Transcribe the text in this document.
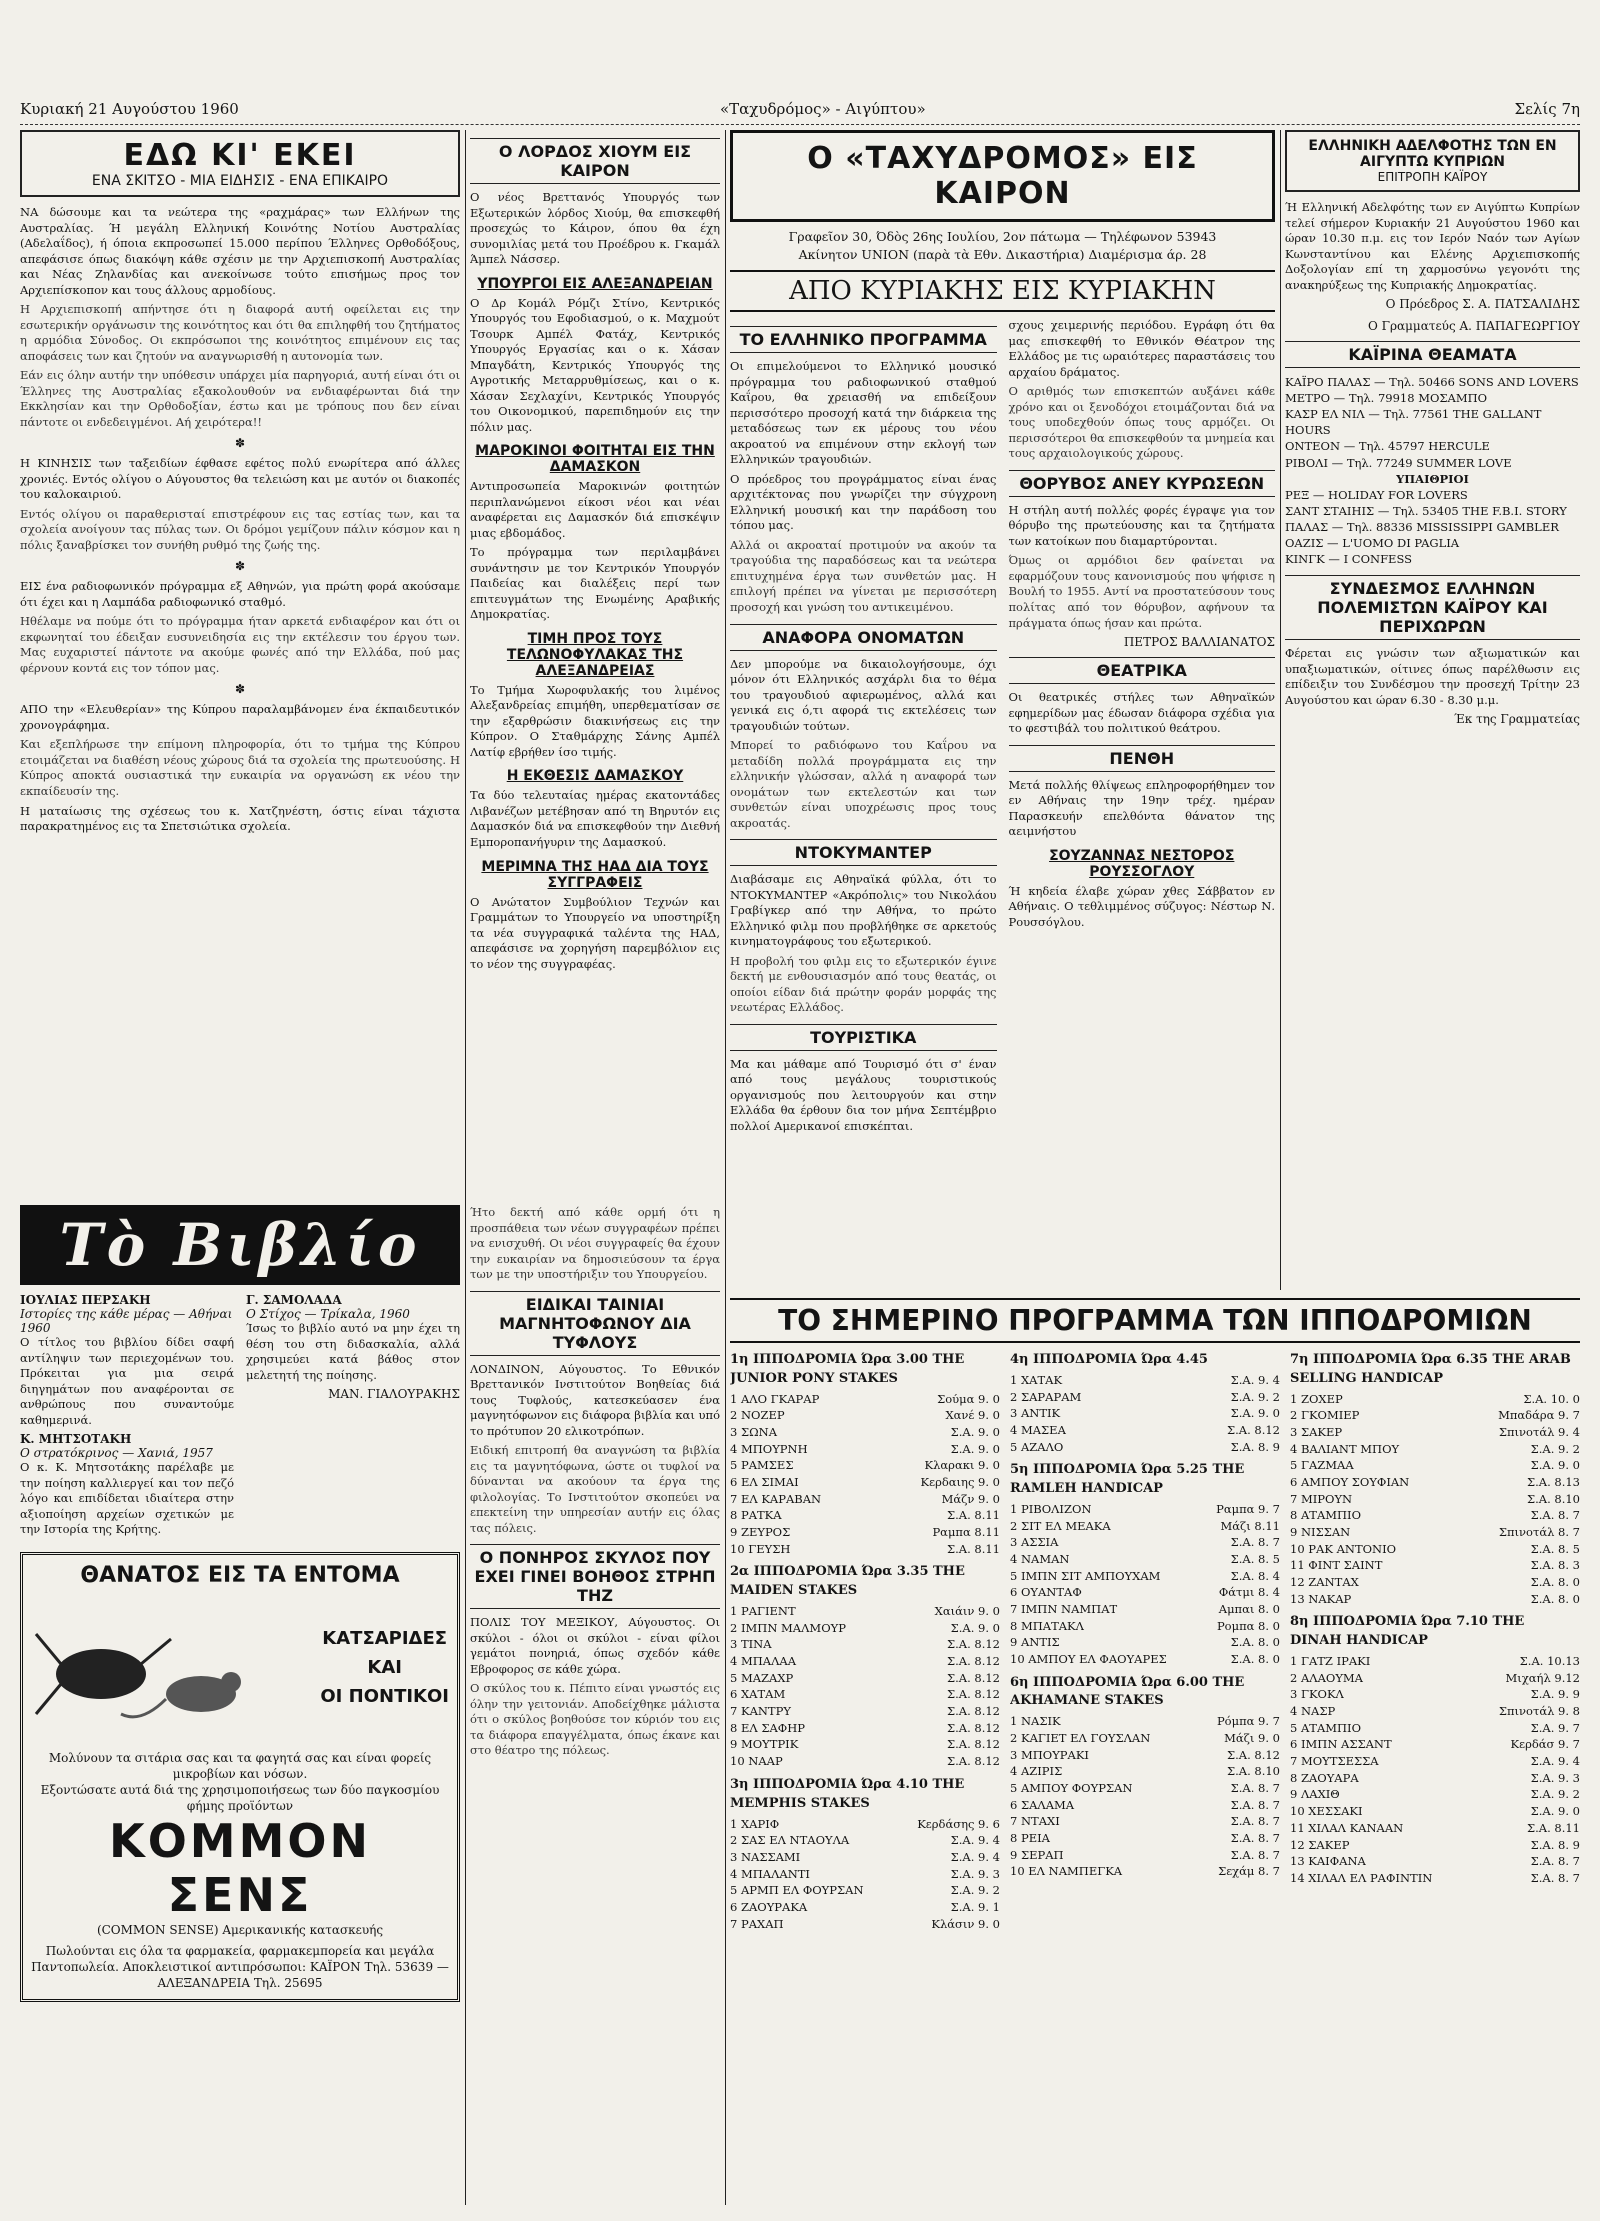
Κυριακή 21 Αυγούστου 1960	«Ταχυδρόμος» - Αιγύπτου»	Σελίς 7η
ΕΔΩ ΚΙ' ΕΚΕΙ
ΕΝΑ ΣΚΙΤΣΟ - ΜΙΑ ΕΙΔΗΣΙΣ - ΕΝΑ ΕΠΙΚΑΙΡΟ

ΝΑ δώσουμε και τα νεώτερα της «ραχμάρας» των Ελλήνων της Αυστραλίας. Ή μεγάλη Ελληνική Κοινότης Νοτίου Αυστραλίας (Αδελαΐδος), ή όποια εκπροσωπεί 15.000 περίπου Έλληνες Ορθοδόξους, απεφάσισε όπως διακόψη κάθε σχέσιν με την Αρχιεπισκοπή Αυστραλίας και Νέας Ζηλανδίας και ανεκοίνωσε τούτο επισήμως προς τον Αρχιεπίσκοπον και τους άλλους αρμοδίους.

Η Αρχιεπισκοπή απήντησε ότι η διαφορά αυτή οφείλεται εις την εσωτερικήν οργάνωσιν της κοινότητος και ότι θα επιληφθή του ζητήματος η αρμόδια Σύνοδος. Οι εκπρόσωποι της κοινότητος επιμένουν εις τας αποφάσεις των και ζητούν να αναγνωρισθή η αυτονομία των.

Εάν εις όλην αυτήν την υπόθεσιν υπάρχει μία παρηγοριά, αυτή είναι ότι οι Έλληνες της Αυστραλίας εξακολουθούν να ενδιαφέρωνται διά την Εκκλησίαν και την Ορθοδοξίαν, έστω και με τρόπους που δεν είναι πάντοτε οι ενδεδειγμένοι. Αή χειρότερα!!

✽

Η ΚΙΝΗΣΙΣ των ταξειδίων έφθασε εφέτος πολύ ενωρίτερα από άλλες χρονιές. Εντός ολίγου ο Αύγουστος θα τελειώση και με αυτόν οι διακοπές του καλοκαιριού.

Εντός ολίγου οι παραθερισταί επιστρέφουν εις τας εστίας των, και τα σχολεία ανοίγουν τας πύλας των. Οι δρόμοι γεμίζουν πάλιν κόσμον και η πόλις ξαναβρίσκει τον συνήθη ρυθμό της ζωής της.

✽

ΕΙΣ ένα ραδιοφωνικόν πρόγραμμα εξ Αθηνών, για πρώτη φορά ακούσαμε ότι έχει και η Λαμπάδα ραδιοφωνικό σταθμό.

Ηθέλαμε να πούμε ότι το πρόγραμμα ήταν αρκετά ενδιαφέρον και ότι οι εκφωνηταί του έδειξαν ευσυνειδησία εις την εκτέλεσιν του έργου των. Μας ευχαριστεί πάντοτε να ακούμε φωνές από την Ελλάδα, πού μας φέρνουν κοντά εις τον τόπον μας.

✽

ΑΠΟ την «Ελευθερίαν» της Κύπρου παραλαμβάνομεν ένα έκπαιδευτικόν χρονογράφημα.

Και εξεπλήρωσε την επίμονη πληροφορία, ότι το τμήμα της Κύπρου ετοιμάζεται να διαθέση νέους χώρους διά τα σχολεία της πρωτευούσης. Η Κύπρος αποκτά ουσιαστικά την ευκαιρία να οργανώση εκ νέου την εκπαίδευσίν της.

Η ματαίωσις της σχέσεως του κ. Χατζηνέστη, όστις είναι τάχιστα παρακρατημένος εις τα Σπετσιώτικα σχολεία.

Ο ΛΟΡΔΟΣ ΧΙΟΥΜ ΕΙΣ ΚΑΙΡΟΝ

Ο νέος Βρεττανός Υπουργός των Εξωτερικών λόρδος Χιούμ, θα επισκεφθή προσεχώς το Κάιρον, όπου θα έχη συνομιλίας μετά του Προέδρου κ. Γκαμάλ Άμπελ Νάσσερ.

ΥΠΟΥΡΓΟΙ ΕΙΣ ΑΛΕΞΑΝΔΡΕΙΑΝ

Ο Δρ Κομάλ Ρόμζι Στίνο, Κεντρικός Υπουργός του Εφοδιασμού, ο κ. Μαχμούτ Τσουρκ Αμπέλ Φατάχ, Κεντρικός Υπουργός Εργασίας και ο κ. Χάσαν Μπαγδάτη, Κεντρικός Υπουργός της Αγροτικής Μεταρρυθμίσεως, και ο κ. Χάσαν Σεχλαχίνι, Κεντρικός Υπουργός του Οικονομικού, παρεπιδημούν εις την πόλιν μας.

ΜΑΡΟΚΙΝΟΙ ΦΟΙΤΗΤΑΙ ΕΙΣ ΤΗΝ ΔΑΜΑΣΚΟΝ

Αντιπροσωπεία Μαροκινών φοιτητών περιπλανώμενοι είκοσι νέοι και νέαι αναφέρεται εις Δαμασκόν διά επισκέψιν μιας εβδομάδος.

Το πρόγραμμα των περιλαμβάνει συνάντησιν με τον Κεντρικόν Υπουργόν Παιδείας και διαλέξεις περί των επιτευγμάτων της Ενωμένης Αραβικής Δημοκρατίας.

ΤΙΜΗ ΠΡΟΣ ΤΟΥΣ ΤΕΛΩΝΟΦΥΛΑΚΑΣ ΤΗΣ ΑΛΕΞΑΝΔΡΕΙΑΣ

Το Τμήμα Χωροφυλακής του λιμένος Αλεξανδρείας επιμήθη, υπερθεματίσαν σε την εξαρθρώσιν διακινήσεως εις την Κύπρον. Ο Σταθμάρχης Σάνης Αμπέλ Λατίφ εβρήθεν ίσο τιμής.

Η ΕΚΘΕΣΙΣ ΔΑΜΑΣΚΟΥ

Τα δύο τελευταίας ημέρας εκατοντάδες Λιβανέζων μετέβησαν από τη Βηρυτόν εις Δαμασκόν διά να επισκεφθούν την Διεθνή Εμποροπανήγυριν της Δαμασκού.

ΜΕΡΙΜΝΑ ΤΗΣ ΗΑΔ ΔΙΑ ΤΟΥΣ ΣΥΓΓΡΑΦΕΙΣ

Ο Ανώτατον Συμβούλιον Τεχνών και Γραμμάτων το Υπουργείο να υποστηρίξη τα νέα συγγραφικά ταλέντα της ΗΑΔ, απεφάσισε να χορηγήση παρεμβόλιον εις το νέον της συγγραφέας.

Ο «ΤΑΧΥΔΡΟΜΟΣ» ΕΙΣ ΚΑΙΡΟΝ
Γραφεῖον 30, Όδὸς 26ης Ιουλίου, 2ον πάτωμα — Τηλέφωνον 53943
Ακίνητον UNION (παρὰ τὰ Εθν. Δικαστήρια) Διαμέρισμα άρ. 28
ΑΠΟ ΚΥΡΙΑΚΗΣ ΕΙΣ ΚΥΡΙΑΚΗΝ
ΤΟ ΕΛΛΗΝΙΚΟ ΠΡΟΓΡΑΜΜΑ

Οι επιμελούμενοι το Ελληνικό μουσικό πρόγραμμα του ραδιοφωνικού σταθμού Καΐρου, θα χρειασθή να επιδείξουν περισσότερο προσοχή κατά την διάρκεια της μεταδόσεως των εκ μέρους του νέου ακροατού να επιμένουν στην εκλογή των Ελληνικών τραγουδιών.

Ο πρόεδρος του προγράμματος είναι ένας αρχιτέκτονας που γνωρίζει την σύγχρονη Ελληνική μουσική και την παράδοση του τόπου μας.

Αλλά οι ακροαταί προτιμούν να ακούν τα τραγούδια της παραδόσεως και τα νεώτερα επιτυχημένα έργα των συνθετών μας. Η επιλογή πρέπει να γίνεται με περισσότερη προσοχή και γνώση του αντικειμένου.

ΑΝΑΦΟΡΑ ΟΝΟΜΑΤΩΝ

Δεν μπορούμε να δικαιολογήσουμε, όχι μόνον ότι Ελληνικός ασχάρλι δια το θέμα του τραγουδιού αφιερωμένος, αλλά και γενικά εις ό,τι αφορά τις εκτελέσεις των τραγουδιών τούτων.

Μπορεί το ραδιόφωνο του Καΐρου να μεταδίδη πολλά προγράμματα εις την ελληνικήν γλώσσαν, αλλά η αναφορά των ονομάτων των εκτελεστών και των συνθετών είναι υποχρέωσις προς τους ακροατάς.

ΝΤΟΚΥΜΑΝΤΕΡ

Διαβάσαμε εις Αθηναϊκά φύλλα, ότι το ΝΤΟΚΥΜΑΝΤΕΡ «Ακρόπολις» του Νικολάου Γραβίγκερ από την Αθήνα, το πρώτο Ελληνικό φιλμ που προβλήθηκε σε αρκετούς κινηματογράφους του εξωτερικού.

Η προβολή του φιλμ εις το εξωτερικόν έγινε δεκτή με ενθουσιασμόν από τους θεατάς, οι οποίοι είδαν διά πρώτην φοράν μορφάς της νεωτέρας Ελλάδος.

ΤΟΥΡΙΣΤΙΚΑ

Μα και μάθαμε από Τουρισμό ότι σ' έναν από τους μεγάλους τουριστικούς οργανισμούς που λειτουργούν και στην Ελλάδα θα έρθουν δια τον μήνα Σεπτέμβριο πολλοί Αμερικανοί επισκέπται.

σχους χειμερινής περιόδου. Εγράφη ότι θα μας επισκεφθή το Εθνικόν Θέατρον της Ελλάδος με τις ωραιότερες παραστάσεις του αρχαίου δράματος.

Ο αριθμός των επισκεπτών αυξάνει κάθε χρόνο και οι ξενοδόχοι ετοιμάζονται διά να τους υποδεχθούν όπως τους αρμόζει. Οι περισσότεροι θα επισκεφθούν τα μνημεία και τους αρχαιολογικούς χώρους.

ΘΟΡΥΒΟΣ ΑΝΕΥ ΚΥΡΩΣΕΩΝ

Η στήλη αυτή πολλές φορές έγραψε για τον θόρυβο της πρωτεύουσης και τα ζητήματα των κατοίκων που διαμαρτύρονται.

Όμως οι αρμόδιοι δεν φαίνεται να εφαρμόζουν τους κανονισμούς που ψήφισε η Βουλή το 1955. Αντί να προστατεύσουν τους πολίτας από τον θόρυβον, αφήνουν τα πράγματα όπως ήσαν και πρώτα.

ΠΕΤΡΟΣ ΒΑΛΛΙΑΝΑΤΟΣ
ΘΕΑΤΡΙΚΑ

Οι θεατρικές στήλες των Αθηναϊκών εφημερίδων μας έδωσαν διάφορα σχέδια για το φεστιβάλ του πολιτικού θεάτρου.

ΠΕΝΘΗ

Μετά πολλής θλίψεως επληροφορήθημεν τον εν Αθήναις την 19ην τρέχ. ημέραν Παρασκευήν επελθόντα θάνατον της αειμνήστου

ΣΟΥΖΑΝΝΑΣ ΝΕΣΤΟΡΟΣ ΡΟΥΣΣΟΓΛΟΥ

Ή κηδεία έλαβε χώραν χθες Σάββατον εν Αθήναις. Ο τεθλιμμένος σύζυγος: Νέστωρ Ν. Ρουσσόγλου.

ΕΛΛΗΝΙΚΗ ΑΔΕΛΦΟΤΗΣ ΤΩΝ ΕΝ ΑΙΓΥΠΤΩ ΚΥΠΡΙΩΝ
ΕΠΙΤΡΟΠΗ ΚΑΪΡΟΥ

Ή Ελληνική Αδελφότης των εν Αιγύπτω Κυπρίων τελεί σήμερον Κυριακήν 21 Αυγούστου 1960 και ώραν 10.30 π.μ. εις τον Ιερόν Ναόν των Αγίων Κωνσταντίνου και Ελένης Αρχιεπισκοπής Δοξολογίαν επί τη χαρμοσύνω γεγονότι της ανακηρύξεως της Κυπριακής Δημοκρατίας.

Ο Πρόεδρος Σ. Α. ΠΑΤΣΑΛΙΔΗΣ
Ο Γραμματεύς Α. ΠΑΠΑΓΕΩΡΓΙΟΥ
ΚΑΪΡΙΝΑ ΘΕΑΜΑΤΑ
ΚΑΪΡΟ ΠΑΛΑΣ — Τηλ. 50466 SONS AND LOVERS
ΜΕΤΡΟ — Τηλ. 79918 ΜΟΣΑΜΠΟ
ΚΑΣΡ ΕΛ ΝΙΛ — Τηλ. 77561 THE GALLANT HOURS
ΟΝΤΕΟΝ — Τηλ. 45797 HERCULE
ΡΙΒΟΛΙ — Τηλ. 77249 SUMMER LOVE
ΥΠΑΙΘΡΙΟΙ
ΡΕΞ — HOLIDAY FOR LOVERS
ΣΑΝΤ ΣΤΑΙΗΙΣ — Τηλ. 53405 THE F.B.I. STORY
ΠΑΛΑΣ — Τηλ. 88336 MISSISSIPPI GAMBLER
ΟΑΖΙΣ — L'UOMO DI PAGLIA
ΚΙΝΓΚ — I CONFESS
ΣΥΝΔΕΣΜΟΣ ΕΛΛΗΝΩΝ ΠΟΛΕΜΙΣΤΩΝ ΚΑΪΡΟΥ ΚΑΙ ΠΕΡΙΧΩΡΩΝ

Φέρεται εις γνώσιν των αξιωματικών και υπαξιωματικών, οίτινες όπως παρέλθωσιν εις επίδειξιν του Συνδέσμου την προσεχή Τρίτην 23 Αυγούστου και ώραν 6.30 - 8.30 μ.μ.

Έκ της Γραμματείας
Τὸ Βιβλίο
ΙΟΥΛΙΑΣ ΠΕΡΣΑΚΗ
Ιστορίες της κάθε μέρας — Αθήναι 1960

Ο τίτλος του βιβλίου δίδει σαφή αντίληψιν των περιεχομένων του. Πρόκειται για μια σειρά διηγημάτων που αναφέρονται σε ανθρώπους που συναντούμε καθημερινά.

Κ. ΜΗΤΣΟΤΑΚΗ
Ο στρατόκρινος — Χανιά, 1957

Ο κ. Κ. Μητσοτάκης παρέλαβε με την ποίηση καλλιεργεί και τον πεζό λόγο και επιδίδεται ιδιαίτερα στην αξιοποίηση αρχείων σχετικών με την Ιστορία της Κρήτης.

Γ. ΣΑΜΟΛΑΔΑ
Ο Στίχος — Τρίκαλα, 1960

Ίσως το βιβλίο αυτό να μην έχει τη θέση του στη διδασκαλία, αλλά χρησιμεύει κατά βάθος στον μελετητή της ποίησης.

ΜΑΝ. ΓΙΑΛΟΥΡΑΚΗΣ
ΘΑΝΑΤΟΣ ΕΙΣ ΤΑ ΕΝΤΟΜΑ
ΚΑΤΣΑΡΙΔΕΣ
ΚΑΙ
ΟΙ ΠΟΝΤΙΚΟΙ
Μολύνουν τα σιτάρια σας και τα φαγητά σας και είναι φορείς μικροβίων και νόσων.
Εξοντώσατε αυτά διά της χρησιμοποιήσεως των δύο παγκοσμίου φήμης προϊόντων
ΚΟΜΜΟΝ ΣΕΝΣ
(COMMON SENSE) Αμερικανικής κατασκευής
Πωλούνται εις όλα τα φαρμακεία, φαρμακεμπορεία και μεγάλα Παντοπωλεία. Αποκλειστικοί αντιπρόσωποι: ΚΑΪΡΟΝ Τηλ. 53639 — ΑΛΕΞΑΝΔΡΕΙΑ Τηλ. 25695

Ήτο δεκτή από κάθε ορμή ότι η προσπάθεια των νέων συγγραφέων πρέπει να ενισχυθή. Οι νέοι συγγραφείς θα έχουν την ευκαιρίαν να δημοσιεύσουν τα έργα των με την υποστήριξιν του Υπουργείου.

ΕΙΔΙΚΑΙ ΤΑΙΝΙΑΙ ΜΑΓΝΗΤΟΦΩΝΟΥ ΔΙΑ ΤΥΦΛΟΥΣ

ΛΟΝΔΙΝΟΝ, Αύγουστος. Το Εθνικόν Βρεττανικόν Ινστιτούτον Βοηθείας διά τους Τυφλούς, κατεσκεύασεν ένα μαγνητόφωνον εις διάφορα βιβλία και υπό το πρότυπον 20 ελικοτρόπων.

Ειδική επιτροπή θα αναγνώση τα βιβλία εις τα μαγνητόφωνα, ώστε οι τυφλοί να δύνανται να ακούουν τα έργα της φιλολογίας. Το Ινστιτούτον σκοπεύει να επεκτείνη την υπηρεσίαν αυτήν εις όλας τας πόλεις.

Ο ΠΟΝΗΡΟΣ ΣΚΥΛΟΣ ΠΟΥ ΕΧΕΙ ΓΙΝΕΙ ΒΟΗΘΟΣ ΣΤΡΗΠ ΤΗΖ

ΠΟΛΙΣ ΤΟΥ ΜΕΞΙΚΟΥ, Αύγουστος. Οι σκύλοι - όλοι οι σκύλοι - είναι φίλοι γεμάτοι πονηριά, όπως σχεδόν κάθε Εβροφορος σε κάθε χώρα.

Ο σκύλος του κ. Πέπιτο είναι γνωστός εις όλην την γειτονιάν. Αποδείχθηκε μάλιστα ότι ο σκύλος βοηθούσε τον κύριόν του εις τα διάφορα επαγγέλματα, όπως έκανε και στο θέατρο της πόλεως.

ΤΟ ΣΗΜΕΡΙΝΟ ΠΡΟΓΡΑΜΜΑ ΤΩΝ ΙΠΠΟΔΡΟΜΙΩΝ
1η ΙΠΠΟΔΡΟΜΙΑ Ώρα 3.00 THE JUNIOR PONY STAKES
1 ΑΛΟ ΓΚΑΡΑΡ	Σούμα 9. 0
2 ΝΟΖΕΡ	Χανέ 9. 0
3 ΣΩΝΑ	Σ.Α. 9. 0
4 ΜΠΟΥΡΝΗ	Σ.Α. 9. 0
5 ΡΑΜΣΕΣ	Κλαρακι 9. 0
6 ΕΛ ΣΙΜΑΙ	Κερδαιης 9. 0
7 ΕΛ ΚΑΡΑΒΑΝ	Μάζν 9. 0
8 ΡΑΤΚΑ	Σ.Α. 8.11
9 ΖΕΥΡΟΣ	Ραμπα 8.11
10 ΓΕΥΣΗ	Σ.Α. 8.11
2α ΙΠΠΟΔΡΟΜΙΑ Ώρα 3.35 THE MAIDEN STAKES
1 ΡΑΓΙΕΝΤ	Χαιάιν 9. 0
2 ΙΜΠΝ ΜΑΛΜΟΥΡ	Σ.Α. 9. 0
3 ΤΙΝΑ	Σ.Α. 8.12
4 ΜΠΑΛΑΑ	Σ.Α. 8.12
5 ΜΑΖΑΧΡ	Σ.Α. 8.12
6 ΧΑΤΑΜ	Σ.Α. 8.12
7 ΚΑΝΤΡΥ	Σ.Α. 8.12
8 ΕΛ ΣΑΦΗΡ	Σ.Α. 8.12
9 ΜΟΥΤΡΙΚ	Σ.Α. 8.12
10 ΝΑΑΡ	Σ.Α. 8.12
3η ΙΠΠΟΔΡΟΜΙΑ Ώρα 4.10 THE MEMPHIS STAKES
1 ΧΑΡΙΦ	Κερδάσης 9. 6
2 ΣΑΣ ΕΛ ΝΤΑΟΥΛΑ	Σ.Α. 9. 4
3 ΝΑΣΣΑΜΙ	Σ.Α. 9. 4
4 ΜΠΑΛΑΝΤΙ	Σ.Α. 9. 3
5 ΑΡΜΠ ΕΛ ΦΟΥΡΣΑΝ	Σ.Α. 9. 2
6 ΖΑΟΥΡΑΚΑ	Σ.Α. 9. 1
7 ΡΑΧΑΠ	Κλάσιν 9. 0
4η ΙΠΠΟΔΡΟΜΙΑ Ώρα 4.45
1 ΧΑΤΑΚ	Σ.Α. 9. 4
2 ΣΑΡΑΡΑΜ	Σ.Α. 9. 2
3 ΑΝΤΙΚ	Σ.Α. 9. 0
4 ΜΑΣΕΑ	Σ.Α. 8.12
5 ΑΖΑΛΟ	Σ.Α. 8. 9
5η ΙΠΠΟΔΡΟΜΙΑ Ώρα 5.25 THE RAMLEH HANDICAP
1 ΡΙΒΟΛΙΖΟΝ	Ραμπα 9. 7
2 ΣΙΤ ΕΛ ΜΕΑΚΑ	Μάζι 8.11
3 ΑΣΣΙΑ	Σ.Α. 8. 7
4 ΝΑΜΑΝ	Σ.Α. 8. 5
5 ΙΜΠΝ ΣΙΤ ΑΜΠΟΥΧΑΜ	Σ.Α. 8. 4
6 ΟΥΑΝΤΑΦ	Φάτμι 8. 4
7 ΙΜΠΝ ΝΑΜΠΑΤ	Αμπαι 8. 0
8 ΜΠΑΤΑΚΛ	Ρομπα 8. 0
9 ΑΝΤΙΣ	Σ.Α. 8. 0
10 ΑΜΠΟΥ ΕΛ ΦΑΟΥΑΡΕΣ	Σ.Α. 8. 0
6η ΙΠΠΟΔΡΟΜΙΑ Ώρα 6.00 THE AKHAMANE STAKES
1 ΝΑΣΙΚ	Ρόμπα 9. 7
2 ΚΑΓΙΕΤ ΕΛ ΓΟΥΣΛΑΝ	Μάζι 9. 0
3 ΜΠΟΥΡΑΚΙ	Σ.Α. 8.12
4 ΑΖΙΡΙΣ	Σ.Α. 8.10
5 ΑΜΠΟΥ ΦΟΥΡΣΑΝ	Σ.Α. 8. 7
6 ΣΑΛΑΜΑ	Σ.Α. 8. 7
7 ΝΤΑΧΙ	Σ.Α. 8. 7
8 ΡΕΙΑ	Σ.Α. 8. 7
9 ΣΕΡΑΠ	Σ.Α. 8. 7
10 ΕΛ ΝΑΜΠΕΓΚΑ	Σεχάμ 8. 7
7η ΙΠΠΟΔΡΟΜΙΑ Ώρα 6.35 THE ARAB SELLING HANDICAP
1 ΖΟΧΕΡ	Σ.Α. 10. 0
2 ΓΚΟΜΙΕΡ	Μπαδάρα 9. 7
3 ΣΑΚΕΡ	Σπινοτάλ 9. 4
4 ΒΑΛΙΑΝΤ ΜΠΟΥ	Σ.Α. 9. 2
5 ΓΑΖΜΑΑ	Σ.Α. 9. 0
6 ΑΜΠΟΥ ΣΟΥΦΙΑΝ	Σ.Α. 8.13
7 ΜΙΡΟΥΝ	Σ.Α. 8.10
8 ΑΤΑΜΠΙΟ	Σ.Α. 8. 7
9 ΝΙΣΣΑΝ	Σπινοτάλ 8. 7
10 ΡΑΚ ΑΝΤΟΝΙΟ	Σ.Α. 8. 5
11 ΦΙΝΤ ΣΑΙΝΤ	Σ.Α. 8. 3
12 ΖΑΝΤΑΧ	Σ.Α. 8. 0
13 ΝΑΚΑΡ	Σ.Α. 8. 0
8η ΙΠΠΟΔΡΟΜΙΑ Ώρα 7.10 THE DINAH HANDICAP
1 ΓΑΤΖ ΙΡΑΚΙ	Σ.Α. 10.13
2 ΑΛΑΟΥΜΑ	Μιχαήλ 9.12
3 ΓΚΟΚΛ	Σ.Α. 9. 9
4 ΝΑΣΡ	Σπινοτάλ 9. 8
5 ΑΤΑΜΠΙΟ	Σ.Α. 9. 7
6 ΙΜΠΝ ΑΣΣΑΝΤ	Κερδάσ 9. 7
7 ΜΟΥΤΣΕΣΣΑ	Σ.Α. 9. 4
8 ΖΑΟΥΑΡΑ	Σ.Α. 9. 3
9 ΛΑΧΙΘ	Σ.Α. 9. 2
10 ΧΕΣΣΑΚΙ	Σ.Α. 9. 0
11 ΧΙΛΑΛ ΚΑΝΑΑΝ	Σ.Α. 8.11
12 ΣΑΚΕΡ	Σ.Α. 8. 9
13 ΚΑΙΦΑΝΑ	Σ.Α. 8. 7
14 ΧΙΛΑΛ ΕΛ ΡΑΦΙΝΤΙΝ	Σ.Α. 8. 7
